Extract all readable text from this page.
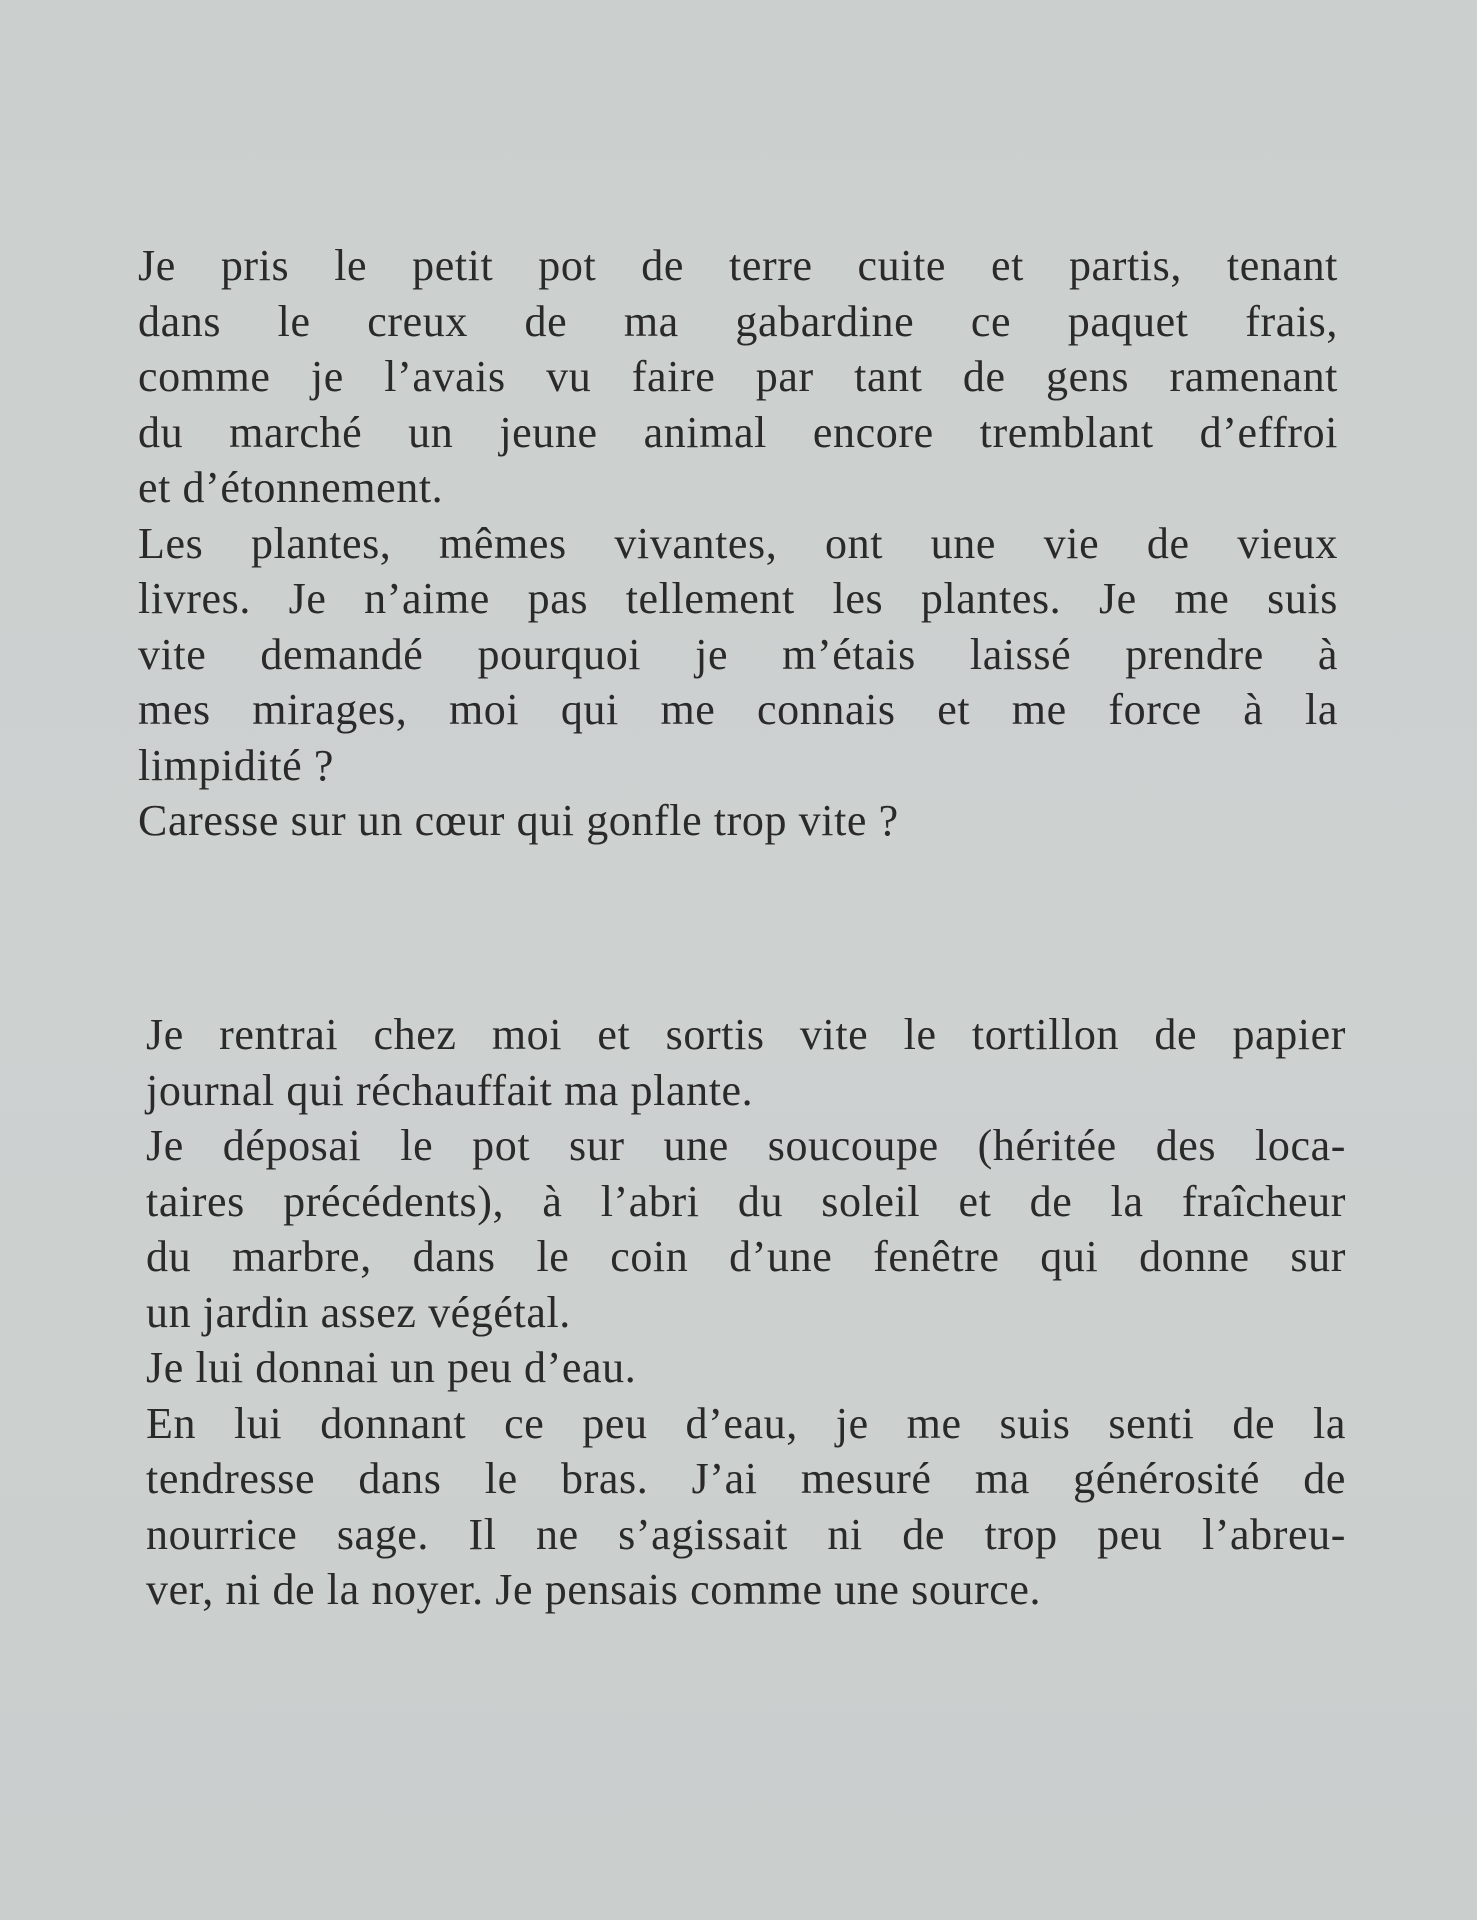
Je pris le petit pot de terre cuite et partis, tenant
dans le creux de ma gabardine ce paquet frais,
comme je l’avais vu faire par tant de gens ramenant
du marché un jeune animal encore tremblant d’effroi
et d’étonnement.
Les plantes, mêmes vivantes, ont une vie de vieux
livres. Je n’aime pas tellement les plantes. Je me suis
vite demandé pourquoi je m’étais laissé prendre à
mes mirages, moi qui me connais et me force à la
limpidité ?
Caresse sur un cœur qui gonfle trop vite ?
Je rentrai chez moi et sortis vite le tortillon de papier
journal qui réchauffait ma plante.
Je déposai le pot sur une soucoupe (héritée des loca-
taires précédents), à l’abri du soleil et de la fraîcheur
du marbre, dans le coin d’une fenêtre qui donne sur
un jardin assez végétal.
Je lui donnai un peu d’eau.
En lui donnant ce peu d’eau, je me suis senti de la
tendresse dans le bras. J’ai mesuré ma générosité de
nourrice sage. Il ne s’agissait ni de trop peu l’abreu-
ver, ni de la noyer. Je pensais comme une source.
